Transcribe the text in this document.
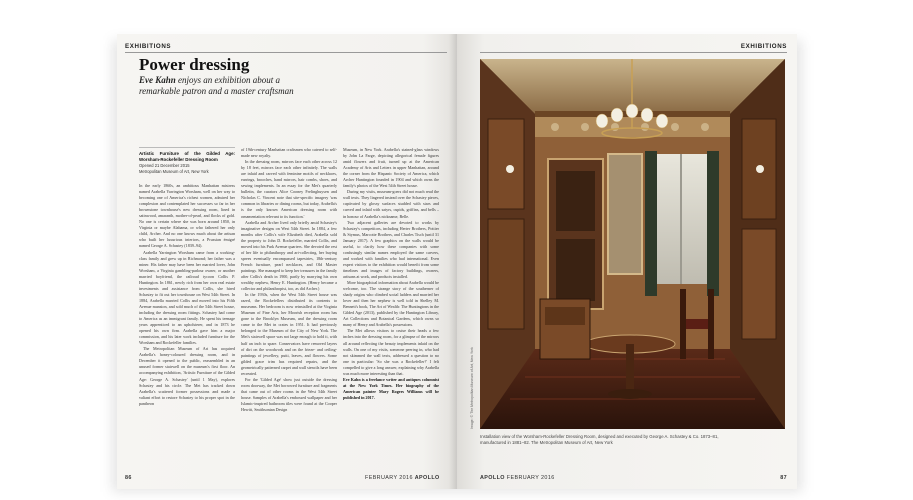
EXHIBITIONS
Power dressing
Eve Kahn enjoys an exhibition about a remarkable patron and a master craftsman
Artistic Furniture of the Gilded Age: Worsham-Rockefeller Dressing Room
Opened 21 December 2015
Metropolitan Museum of Art, New York

In the early 1860s, an ambitious Manhattan mistress named Arabella Yarrington Worsham, well on her way to becoming one of America's richest women, admired her complexion and contemplated her successes so far in her brownstone townhouse's new dressing room, lined in satinwood, amaranth, mother-of-pearl, and flocks of gold. No one is certain where she was born around 1850, in Virginia or maybe Alabama, or who fathered her only child, Archer. And no one knows much about the artisan who built her luxurious interiors, a Prussian émigré named George A. Schastey (1839–94).

Arabella Yarrington Worsham came from a working-class family and grew up in Richmond; her father was a miner. His father may have been her married lover, John Worsham, a Virginia gambling-parlour owner, or another married boyfriend, the railroad tycoon Collis P. Huntington. In 1861, newly rich from her own real estate investments and assistance from Collis, she hired Schastey to fit out her townhouse on West 54th Street. In 1884, Arabella married Collis and moved into his Fifth Avenue mansion, and sold much of the 54th Street house, including the dressing room fittings. Schastey had come to America as an immigrant family. He spent his teenage years apprenticed to an upholsterer, and in 1873 he opened his own firm. Arabella gave him a major commission, and his later work included furniture for the Worsham and Rockefeller families.

The Metropolitan Museum of Art has acquired Arabella's honey-coloured dressing room, and in December it opened to the public, reassembled in an unused former stairwell on the museum's first floor. An accompanying exhibition, 'Artistic Furniture of the Gilded Age: George A. Schastey' (until 1 May), explores Schastey and his circle. The Met has tracked down Arabella's scattered former possessions and made a valiant effort to restore Schastey to his proper spot in the pantheon

of 19th-century Manhattan craftsmen who catered to self-made new royalty.

In the dressing room, mirrors face each other across 12 by 18 feet, mirrors face each other infinitely. The walls are inlaid and carved with feminine motifs of necklaces, earrings, brooches, hand mirrors, hair combs, shoes, and sewing implements. In an essay for the Met's quarterly bulletin, the curators Alice Cooney Frelinghuysen and Nicholas C. Vincent note that site-specific imagery 'was common in libraries or dining rooms, but today, Arabella's is the only known American dressing room with ornamentation relevant to its function.'

Arabella and Archer lived only briefly amid Schastey's imaginative designs on West 54th Street. In 1884, a few months after Collis's wife Elizabeth died, Arabella sold the property to John D. Rockefeller, married Collis, and moved into his Park Avenue quarters. She devoted the rest of her life to philanthropy and art-collecting, her buying sprees eventually encompassed tapestries, 18th-century French furniture, pearl necklaces, and Old Master paintings. She managed to keep her treasures in the family after Collis's death in 1900, partly by marrying his own wealthy nephew, Henry E. Huntington. (Henry became a collector and philanthropist, too, as did Archer.)

In the 1930s, when the West 54th Street house was razed, the Rockefellers distributed its contents to museums. Her bedroom is now reinstalled at the Virginia Museum of Fine Arts, her Moorish reception room has gone to the Brooklyn Museum, and the dressing room came to the Met in crates in 1951. It had previously belonged to the Museum of the City of New York. The Met's stairwell space was not large enough to hold it, with half an inch to spare. Conservators have removed layers of dirt on the woodwork and on the frieze- and ceiling-paintings of jewellery, putti, leaves, and flowers. Some gilded grace trim has required repairs, and the geometrically patterned carpet and wall stencils have been recreated.

For the 'Gilded Age' show just outside the dressing room doorway, the Met borrowed furniture and fragments that came out of other rooms in the West 54th Street house. Samples of Arabella's embossed wallpaper and her Islamic-inspired bathroom tiles were found at the Cooper Hewitt, Smithsonian Design

Museum, in New York. Arabella's stained-glass windows by John La Farge, depicting allegorical female figures amid flowers and fruit, turned up at the American Academy of Arts and Letters in upper Manhattan, around the corner from the Hispanic Society of America, which Archer Huntington founded in 1904 and which owns the family's photos of the West 54th Street house.

During my visits, museum-goers did not much read the wall texts. They lingered instead over the Schastey pieces, captivated by glossy surfaces studded with stars and carved and inlaid with satyrs, cupids, griffins, and bells – in honour of Arabella's nickname, Belle.

Two adjacent galleries are devoted to works by Schastey's competitors, including Herter Brothers, Pottier & Stymus, Marcotte Brothers, and Charles Tisch (until 31 January 2017). A few graphics on the walls would be useful, to clarify how these companies with some confusingly similar names employed the same carvers, and worked with families who had international. Even expert visitors to the exhibition would benefit from some timelines and images of factory buildings, owners, artisans at work, and products installed.

More biographical information about Arabella would be welcome, too. The strange story of the southerner of shady origins who climbed social ladders and married her lover and then her nephew is well told in Shelley M. Bennett's book, The Art of Wealth: The Huntingtons in the Gilded Age (2013), published by the Huntington Library, Art Collections and Botanical Gardens, which owns so many of Henry and Arabella's possessions.

The Met allows visitors to cruise their heads a few inches into the dressing room, for a glimpse of the mirrors all around reflecting the beauty implements inlaid on the walls. On one of my visits, someone peering in, who had not skimmed the wall texts, addressed a question to no one in particular: 'So she was a Rockefeller?' I felt compelled to give a long answer, explaining why Arabella was much more interesting than that.

Eve Kahn is a freelance writer and antiques columnist at the New York Times. Her biography of the American painter Mary Rogers Williams will be published in 2017.

86	FEBRUARY 2016 APOLLO
EXHIBITIONS
Image: © The Metropolitan Museum of Art, New York
Installation view of the Worsham-Rockefeller Dressing Room, designed and executed by George A. Schastey & Co. 1873–81, manufactured in 1881–82. The Metropolitan Museum of Art, New York
APOLLO FEBRUARY 2016	87
